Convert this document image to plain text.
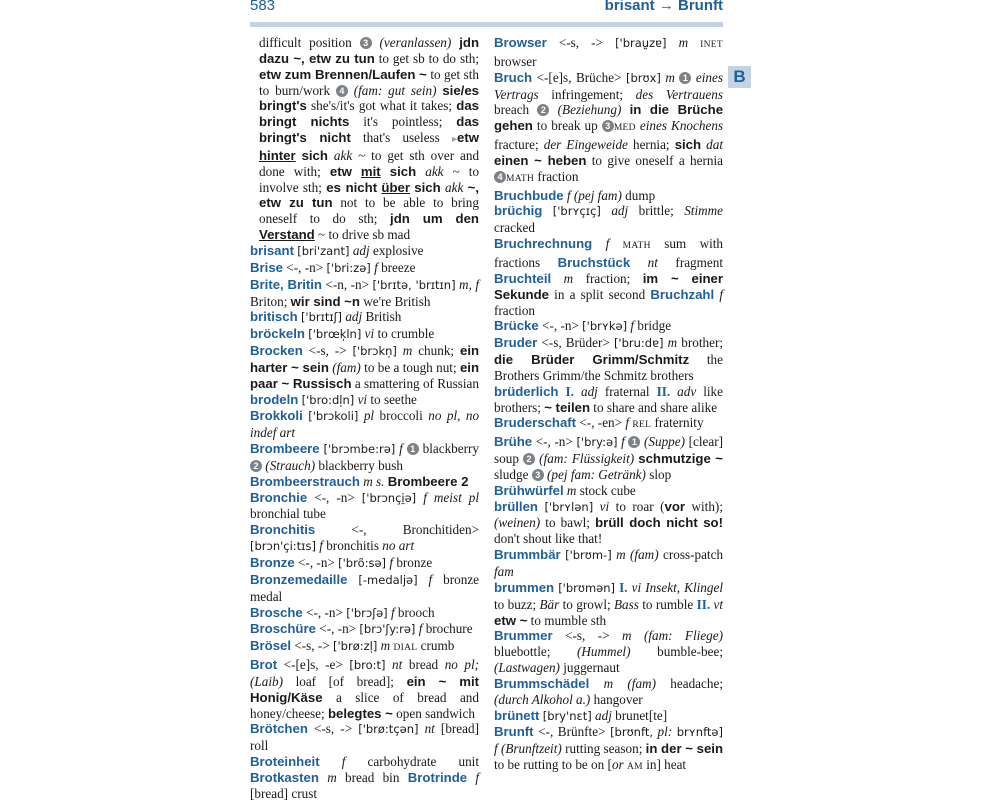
583	brisant → Brunft
B

difficult position 3 (veranlassen) jdn dazu ~, etw zu tun to get sb to do sth; etw zum Brennen/Laufen ~ to get sth to burn/work 4 (fam: gut sein) sie/es bringt's she's/it's got what it takes; das bringt nichts it's pointless; das bringt's nicht that's useless ▸etw hinter sich akk ~ to get sth over and done with; etw mit sich akk ~ to involve sth; es nicht über sich akk ~, etw zu tun not to be able to bring oneself to do sth; jdn um den Verstand ~ to drive sb mad

brisant [bri'zant] adj explosive

Brise <-, -n> ['bri:zə] f breeze

Brite, Britin <-n, -n> ['brɪtə, 'brɪtɪn] m, f Briton; wir sind ~n we're British

britisch ['brɪtɪʃ] adj British

bröckeln ['brœk̩ln] vi to crumble

Brocken <-s, -> ['brɔkn̩] m chunk; ein harter ~ sein (fam) to be a tough nut; ein paar ~ Russisch a smattering of Russian

brodeln ['bro:dl̩n] vi to seethe

Brokkoli ['brɔkoli] pl broccoli no pl, no indef art

Brombeere ['brɔmbe:rə] f 1 blackberry 2 (Strauch) blackberry bush

Brombeerstrauch m s. Brombeere 2

Bronchie <-, -n> ['brɔnçi̯ə] f meist pl bronchial tube

Bronchitis	<-, Bronchitiden> [brɔn'çi:tɪs] f bronchitis no art

Bronze <-, -n> ['brõ:sə] f bronze

Bronzemedaille [-medaljə] f bronze medal

Brosche <-, -n> ['brɔʃə] f brooch

Broschüre <-, -n> [brɔ'ʃy:rə] f brochure

Brösel <-s, -> ['brø:zl̩] m DIAL crumb

Brot <-[e]s, -e> [bro:t] nt bread no pl; (Laib) loaf [of bread]; ein ~ mit Honig/Käse a slice of bread and honey/cheese; belegtes ~ open sandwich

Brötchen <-s, -> ['brø:tçən] nt [bread] roll

Broteinheit f carbohydrate unit Brotkasten m bread bin Brotrinde f [bread] crust

Browser <-s, -> ['brau̪zɐ] m INET browser

Bruch <-[e]s, Brüche> [brʊx] m 1 eines Vertrags infringement; des Vertrauens breach 2 (Beziehung) in die Brüche gehen to break up 3 MED eines Knochens fracture; der Eingeweide hernia; sich dat einen ~ heben to give oneself a hernia 4 MATH fraction

Bruchbude f (pej fam) dump

brüchig ['brʏçɪç] adj brittle; Stimme cracked

Bruchrechnung f MATH sum with fractions Bruchstück nt fragment Bruchteil m fraction; im ~ einer Sekunde in a split second Bruchzahl f fraction

Brücke <-, -n> ['brʏkə] f bridge

Bruder <-s, Brüder> ['bru:dɐ] m brother; die Brüder Grimm/Schmitz the Brothers Grimm/the Schmitz brothers

brüderlich I. adj fraternal II. adv like brothers; ~ teilen to share and share alike

Bruderschaft <-, -en> f REL fraternity

Brühe <-, -n> ['bry:ə] f 1 (Suppe) [clear] soup 2 (fam: Flüssigkeit) schmutzige ~ sludge 3 (pej fam: Getränk) slop

Brühwürfel m stock cube

brüllen ['brʏlən] vi to roar (vor with); (weinen) to bawl; brüll doch nicht so! don't shout like that!

Brummbär ['brʊm-] m (fam) cross-patch fam

brummen ['brʊmən] I. vi Insekt, Klingel to buzz; Bär to growl; Bass to rumble II. vt etw ~ to mumble sth

Brummer <-s, -> m (fam: Fliege) bluebottle; (Hummel) bumble-bee; (Lastwagen) juggernaut

Brummschädel m (fam) headache; (durch Alkohol a.) hangover

brünett [bry'nɛt] adj brunet[te]

Brunft <-, Brünfte> [brʊnft, pl: brʏnftə] f (Brunftzeit) rutting season; in der ~ sein to be rutting to be on [or AM in] heat
